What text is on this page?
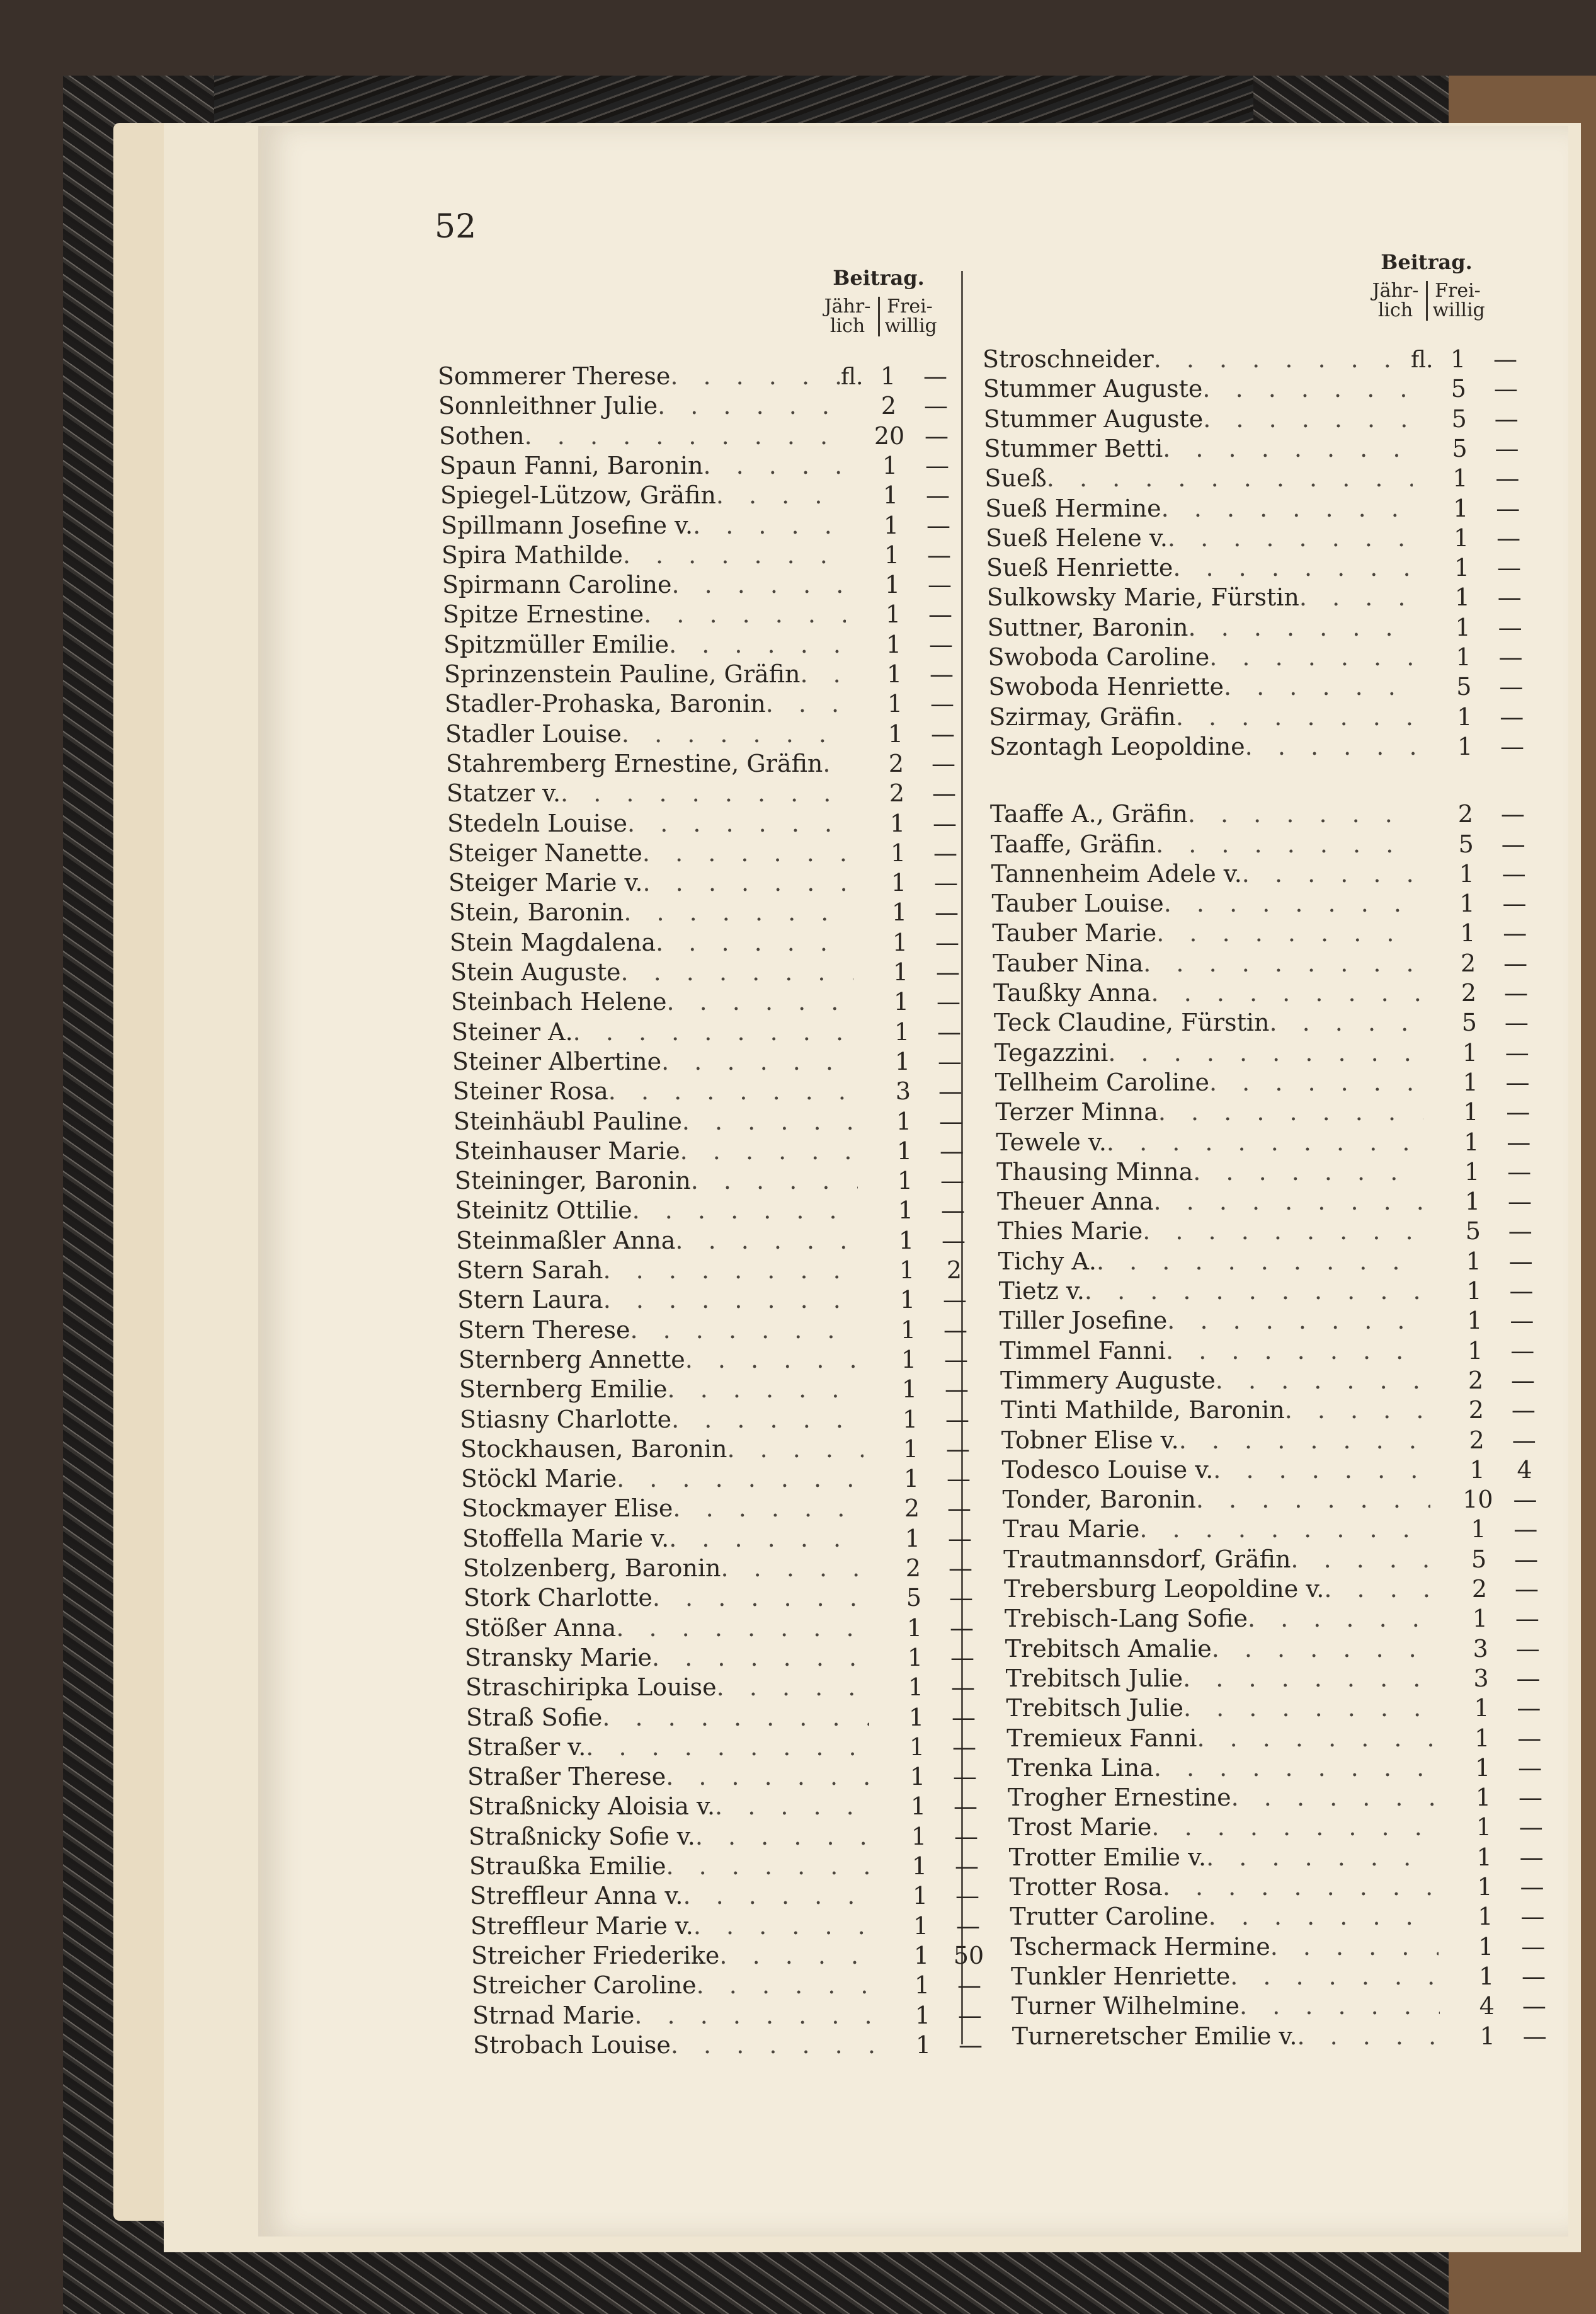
52
Beitrag.
Jähr-lich
Frei-willig
Beitrag.
Jähr-lich
Frei-willig
Sommerer Therese . . .	fl. 1	—
Sonnleithner Julie . . .	2	—
Sothen . . .	20 —
Spaun Fanni, Baronin . . .	1	—
Spiegel-Lützow, Gräfin . . .	1	—
Spillmann Josefine v. . . .	1	—
Spira Mathilde . . .	1	—
Spirmann Caroline . . .	1	—
Spitze Ernestine . . .	1	—
Spitzmüller Emilie . . .	1	—
Sprinzenstein Pauline, Gräfin . . .	1	—
Stadler-Prohaska, Baronin . . .	1	—
Stadler Louise . . .	1	—
Stahremberg Ernestine, Gräfin . . .	2	—
Statzer v. . . .	2	—
Stedeln Louise . . .	1	—
Steiger Nanette . . .	1	—
Steiger Marie v. . . .	1	—
Stein, Baronin . . .	1	—
Stein Magdalena . . .	1	—
Stein Auguste . . .	1	—
Steinbach Helene . . .	1	—
Steiner A. . . .	1	—
Steiner Albertine . . .	1	—
Steiner Rosa . . .	3	—
Steinhäubl Pauline . . .	1	—
Steinhauser Marie . . .	1	—
Steininger, Baronin . . .	1	—
Steinitz Ottilie . . .	1	—
Steinmaßler Anna . . .	1	—
Stern Sarah . . .	1	2
Stern Laura . . .	1	—
Stern Therese . . .	1	—
Sternberg Annette . . .	1	—
Sternberg Emilie . . .	1	—
Stiasny Charlotte . . .	1	—
Stockhausen, Baronin . . .	1	—
Stöckl Marie . . .	1	—
Stockmayer Elise . . .	2	—
Stoffella Marie v. . . .	1	—
Stolzenberg, Baronin . . .	2	—
Stork Charlotte . . .	5	—
Stößer Anna . . .	1	—
Stransky Marie . . .	1	—
Straschiripka Louise . . .	1	—
Straß Sofie . . .	1	—
Straßer v. . . .	1	—
Straßer Therese . . .	1	—
Straßnicky Aloisia v. . . .	1	—
Straßnicky Sofie v. . . .	1	—
Straußka Emilie . . .	1	—
Streffleur Anna v. . . .	1	—
Streffleur Marie v. . . .	1	—
Streicher Friederike . . .	1	50
Streicher Caroline . . .	1	—
Strnad Marie . . .	1	—
Strobach Louise . . .	1	—
Stroschneider . . .	fl. 1	—
Stummer Auguste . . .	5	—
Stummer Auguste . . .	5	—
Stummer Betti . . .	5	—
Sueß . . .	1	—
Sueß Hermine . . .	1	—
Sueß Helene v. . . .	1	—
Sueß Henriette . . .	1	—
Sulkowsky Marie, Fürstin . . .	1	—
Suttner, Baronin . . .	1	—
Swoboda Caroline . . .	1	—
Swoboda Henriette . . .	5	—
Szirmay, Gräfin . . .	1	—
Szontagh Leopoldine . . .	1	—
Taaffe A., Gräfin . . .	2	—
Taaffe, Gräfin . . .	5	—
Tannenheim Adele v. . . .	1	—
Tauber Louise . . .	1	—
Tauber Marie . . .	1	—
Tauber Nina . . .	2	—
Taußky Anna . . .	2	—
Teck Claudine, Fürstin . . .	5	—
Tegazzini . . .	1	—
Tellheim Caroline . . .	1	—
Terzer Minna . . .	1	—
Tewele v. . . .	1	—
Thausing Minna . . .	1	—
Theuer Anna . . .	1	—
Thies Marie . . .	5	—
Tichy A. . . .	1	—
Tietz v. . . .	1	—
Tiller Josefine . . .	1	—
Timmel Fanni . . .	1	—
Timmery Auguste . . .	2	—
Tinti Mathilde, Baronin . . .	2	—
Tobner Elise v. . . .	2	—
Todesco Louise v. . . .	1	4
Tonder, Baronin . . .	10 —
Trau Marie . . .	1	—
Trautmannsdorf, Gräfin . . .	5	—
Trebersburg Leopoldine v. . . .	2	—
Trebisch-Lang Sofie . . .	1	—
Trebitsch Amalie . . .	3	—
Trebitsch Julie . . .	3	—
Trebitsch Julie . . .	1	—
Tremieux Fanni . . .	1	—
Trenka Lina . . .	1	—
Trogher Ernestine . . .	1	—
Trost Marie . . .	1	—
Trotter Emilie v. . . .	1	—
Trotter Rosa . . .	1	—
Trutter Caroline . . .	1	—
Tschermack Hermine . . .	1	—
Tunkler Henriette . . .	1	—
Turner Wilhelmine . . .	4	—
Turneretscher Emilie v. . . .	1	—
